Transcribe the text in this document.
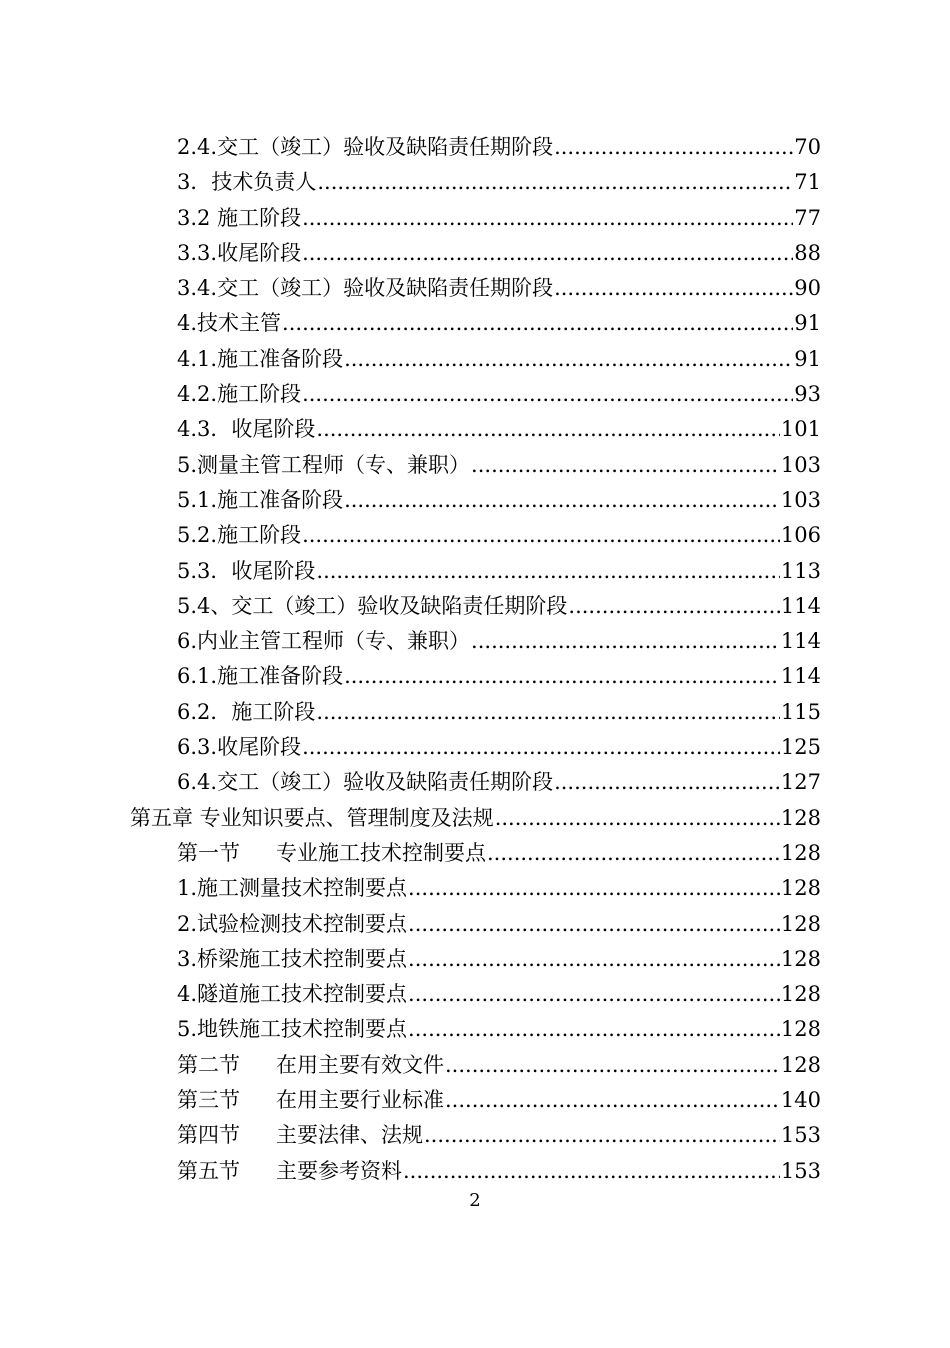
2.4.交工（竣工）验收及缺陷责任期阶段 .....	70
3．技术负责人 .....	71
3.2 施工阶段 .....	77
3.3.收尾阶段 .....	88
3.4.交工（竣工）验收及缺陷责任期阶段 .....	90
4.技术主管 .....	91
4.1.施工准备阶段 .....	91
4.2.施工阶段 .....	93
4.3．收尾阶段 .....	101
5.测量主管工程师（专、兼职） .....	103
5.1.施工准备阶段 .....	103
5.2.施工阶段 .....	106
5.3．收尾阶段 .....	113
5.4、交工（竣工）验收及缺陷责任期阶段 .....	114
6.内业主管工程师（专、兼职） .....	114
6.1.施工准备阶段 .....	114
6.2．施工阶段 .....	115
6.3.收尾阶段 .....	125
6.4.交工（竣工）验收及缺陷责任期阶段 .....	127
第五章 专业知识要点、管理制度及法规 .....	128
第一节 专业施工技术控制要点 .....	128
1.施工测量技术控制要点 .....	128
2.试验检测技术控制要点 .....	128
3.桥梁施工技术控制要点 .....	128
4.隧道施工技术控制要点 .....	128
5.地铁施工技术控制要点 .....	128
第二节 在用主要有效文件 .....	128
第三节 在用主要行业标准 .....	140
第四节 主要法律、法规 .....	153
第五节 主要参考资料 .....	153
2
